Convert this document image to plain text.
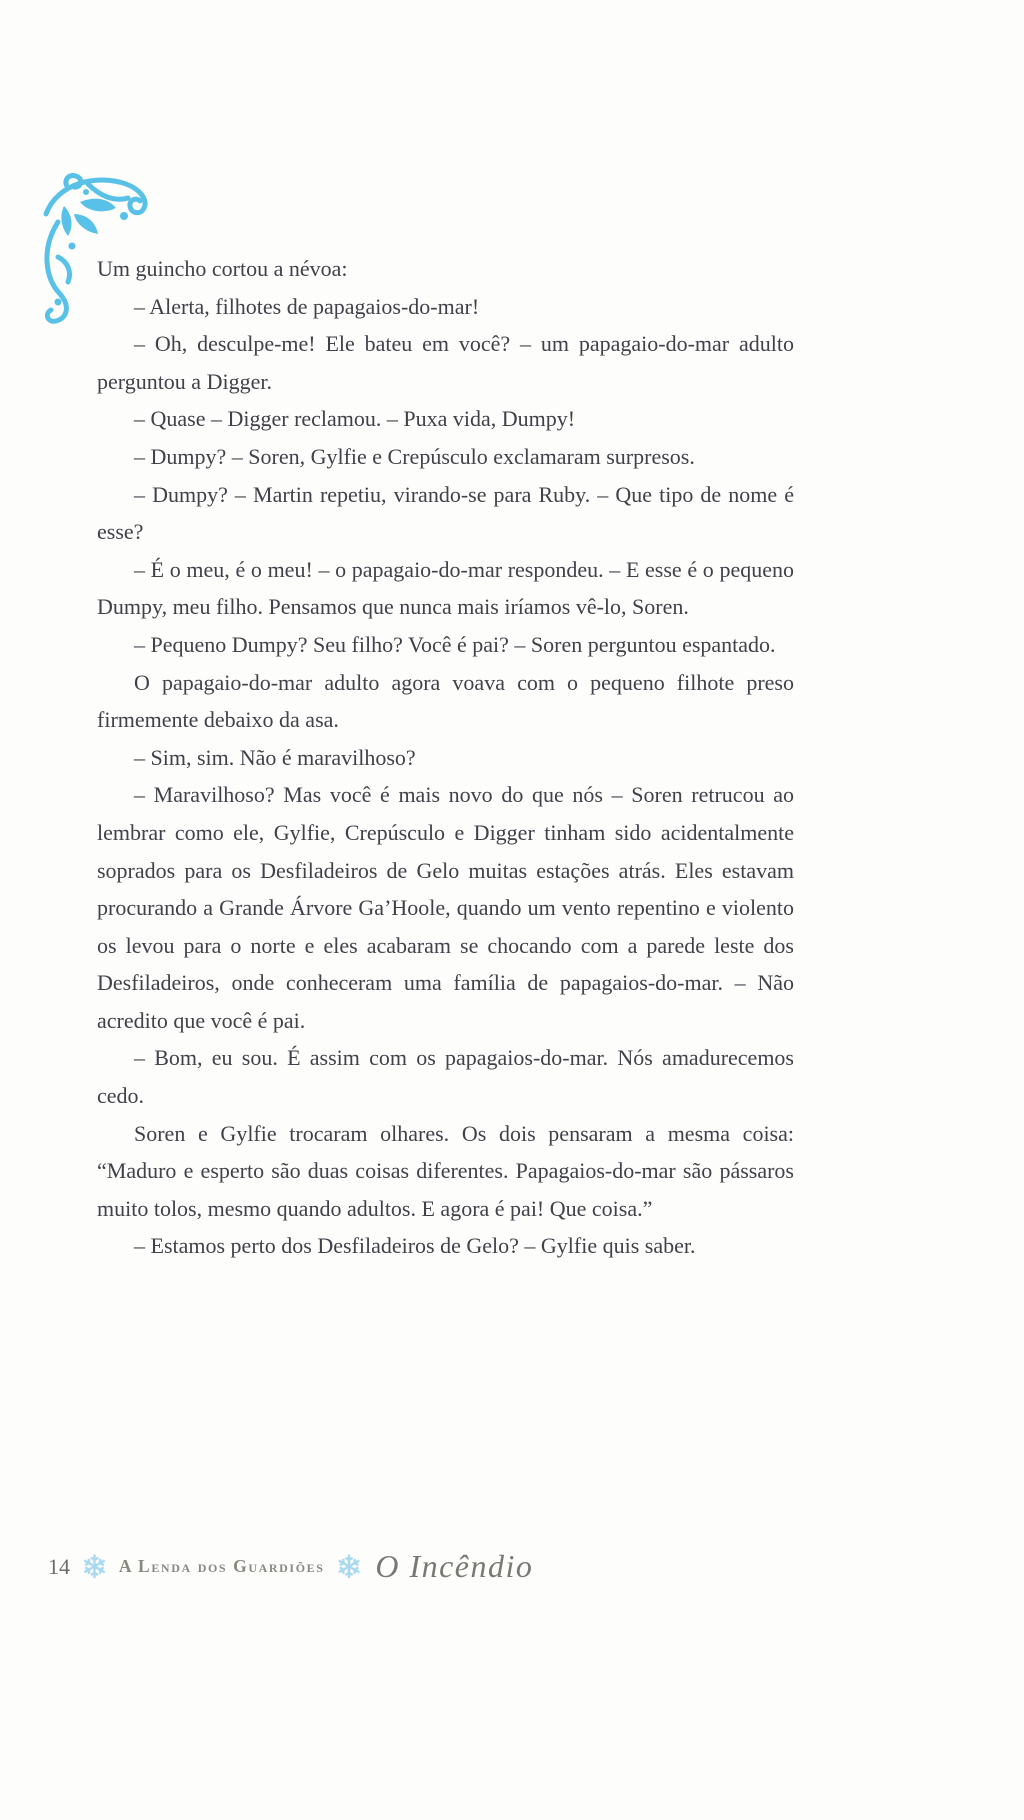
Um guincho cortou a névoa:

– Alerta, filhotes de papagaios-do-mar!

– Oh, desculpe-me! Ele bateu em você? – um papagaio-do-mar adulto perguntou a Digger.

– Quase – Digger reclamou. – Puxa vida, Dumpy!

– Dumpy? – Soren, Gylfie e Crepúsculo exclamaram surpresos.

– Dumpy? – Martin repetiu, virando-se para Ruby. – Que tipo de nome é esse?

– É o meu, é o meu! – o papagaio-do-mar respondeu. – E esse é o pequeno Dumpy, meu filho. Pensamos que nunca mais iríamos vê-lo, Soren.

– Pequeno Dumpy? Seu filho? Você é pai? – Soren perguntou espantado.

O papagaio-do-mar adulto agora voava com o pequeno filhote preso firmemente debaixo da asa.

– Sim, sim. Não é maravilhoso?

– Maravilhoso? Mas você é mais novo do que nós – Soren retrucou ao lembrar como ele, Gylfie, Crepúsculo e Digger tinham sido acidentalmente soprados para os Desfiladeiros de Gelo muitas estações atrás. Eles estavam procurando a Grande Árvore Ga’Hoole, quando um vento repentino e violento os levou para o norte e eles acabaram se chocando com a parede leste dos Desfiladeiros, onde conheceram uma família de papagaios-do-mar. – Não acredito que você é pai.

– Bom, eu sou. É assim com os papagaios-do-mar. Nós amadurecemos cedo.

Soren e Gylfie trocaram olhares. Os dois pensaram a mesma coisa: “Maduro e esperto são duas coisas diferentes. Papagaios-do-mar são pássaros muito tolos, mesmo quando adultos. E agora é pai! Que coisa.”

– Estamos perto dos Desfiladeiros de Gelo? – Gylfie quis saber.

14 ❄ A Lenda dos Guardiões ❄ O Incêndio
